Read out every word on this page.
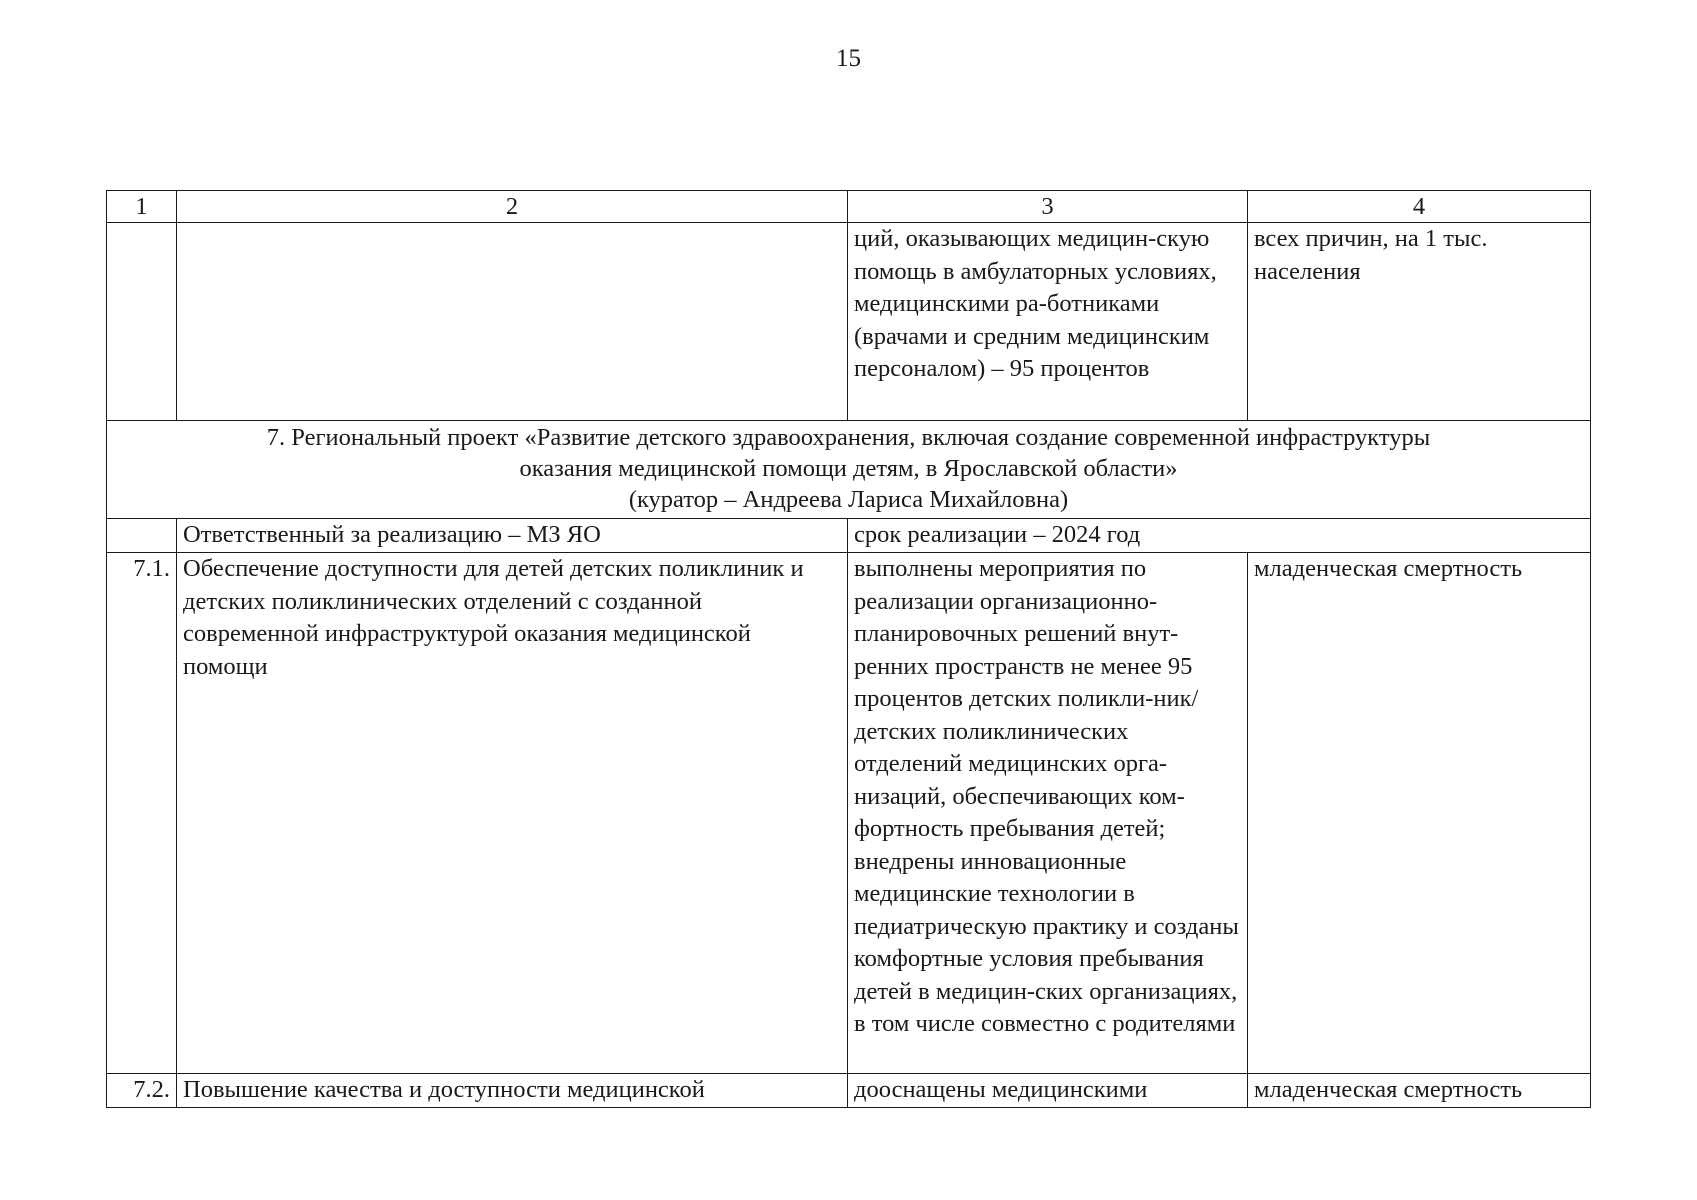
15
1	2	3	4
		ций, оказывающих медицин-скую помощь в амбулаторных условиях, медицинскими ра-ботниками (врачами и средним медицинским персоналом) – 95 процентов	всех причин, на 1 тыс. населения

7. Региональный проект «Развитие детского здравоохранения, включая создание современной инфраструктуры
оказания медицинской помощи детям, в Ярославской области»
(куратор – Андреева Лариса Михайловна)			

	Ответственный за реализацию – МЗ ЯО	срок реализации – 2024 год	
7.1.	Обеспечение доступности для детей детских поликлиник и детских поликлинических отделений с созданной современной инфраструктурой оказания медицинской помощи	выполнены мероприятия по реализации организационно-планировочных решений внут-ренних пространств не менее 95 процентов детских поликли-ник/ детских поликлинических отделений медицинских орга-низаций, обеспечивающих ком-фортность пребывания детей; внедрены инновационные медицинские технологии в педиатрическую практику и созданы комфортные условия пребывания детей в медицин-ских организациях, в том числе совместно с родителями	младенческая смертность
7.2.	Повышение качества и доступности медицинской	дооснащены медицинскими	младенческая смертность
